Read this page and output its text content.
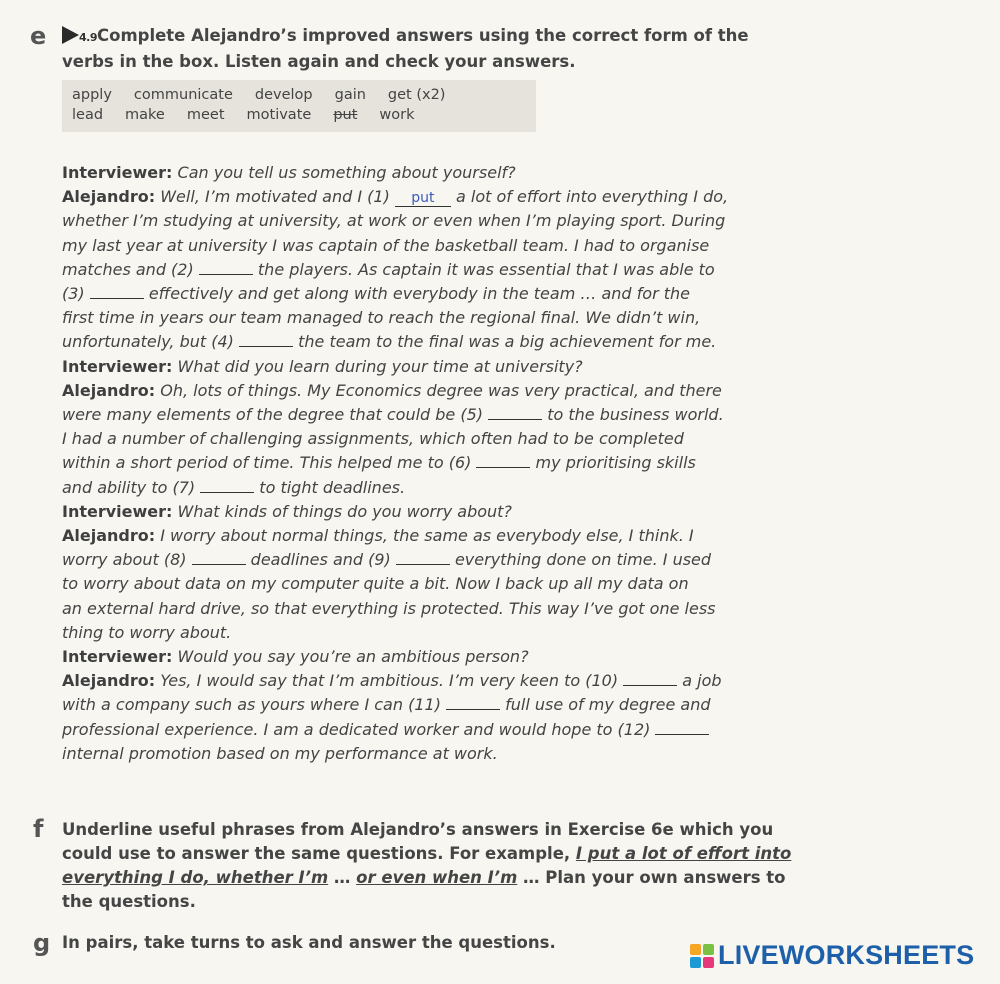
e	4.9Complete Alejandro’s improved answers using the correct form of the
verbs in the box. Listen again and check your answers.
apply communicate develop gain get (x2)
lead make meet motivate put work
Interviewer: Can you tell us something about yourself?
Alejandro: Well, I’m motivated and I (1) put a lot of effort into everything I do,
whether I’m studying at university, at work or even when I’m playing sport. During
my last year at university I was captain of the basketball team. I had to organise
matches and (2)	the players. As captain it was essential that I was able to
(3)	effectively and get along with everybody in the team … and for the
first time in years our team managed to reach the regional final. We didn’t win,
unfortunately, but (4)	the team to the final was a big achievement for me.
Interviewer: What did you learn during your time at university?
Alejandro: Oh, lots of things. My Economics degree was very practical, and there
were many elements of the degree that could be (5)	to the business world.
I had a number of challenging assignments, which often had to be completed
within a short period of time. This helped me to (6)	my prioritising skills
and ability to (7)	to tight deadlines.
Interviewer: What kinds of things do you worry about?
Alejandro: I worry about normal things, the same as everybody else, I think. I
worry about (8)	deadlines and (9)	everything done on time. I used
to worry about data on my computer quite a bit. Now I back up all my data on
an external hard drive, so that everything is protected. This way I’ve got one less
thing to worry about.
Interviewer: Would you say you’re an ambitious person?
Alejandro: Yes, I would say that I’m ambitious. I’m very keen to (10)	a job
with a company such as yours where I can (11)	full use of my degree and
professional experience. I am a dedicated worker and would hope to (12)
internal promotion based on my performance at work.
f Underline useful phrases from Alejandro’s answers in Exercise 6e which you
could use to answer the same questions. For example, I put a lot of effort into
everything I do, whether I’m … or even when I’m … Plan your own answers to
the questions.
g In pairs, take turns to ask and answer the questions.	LIVEWORKSHEETS
